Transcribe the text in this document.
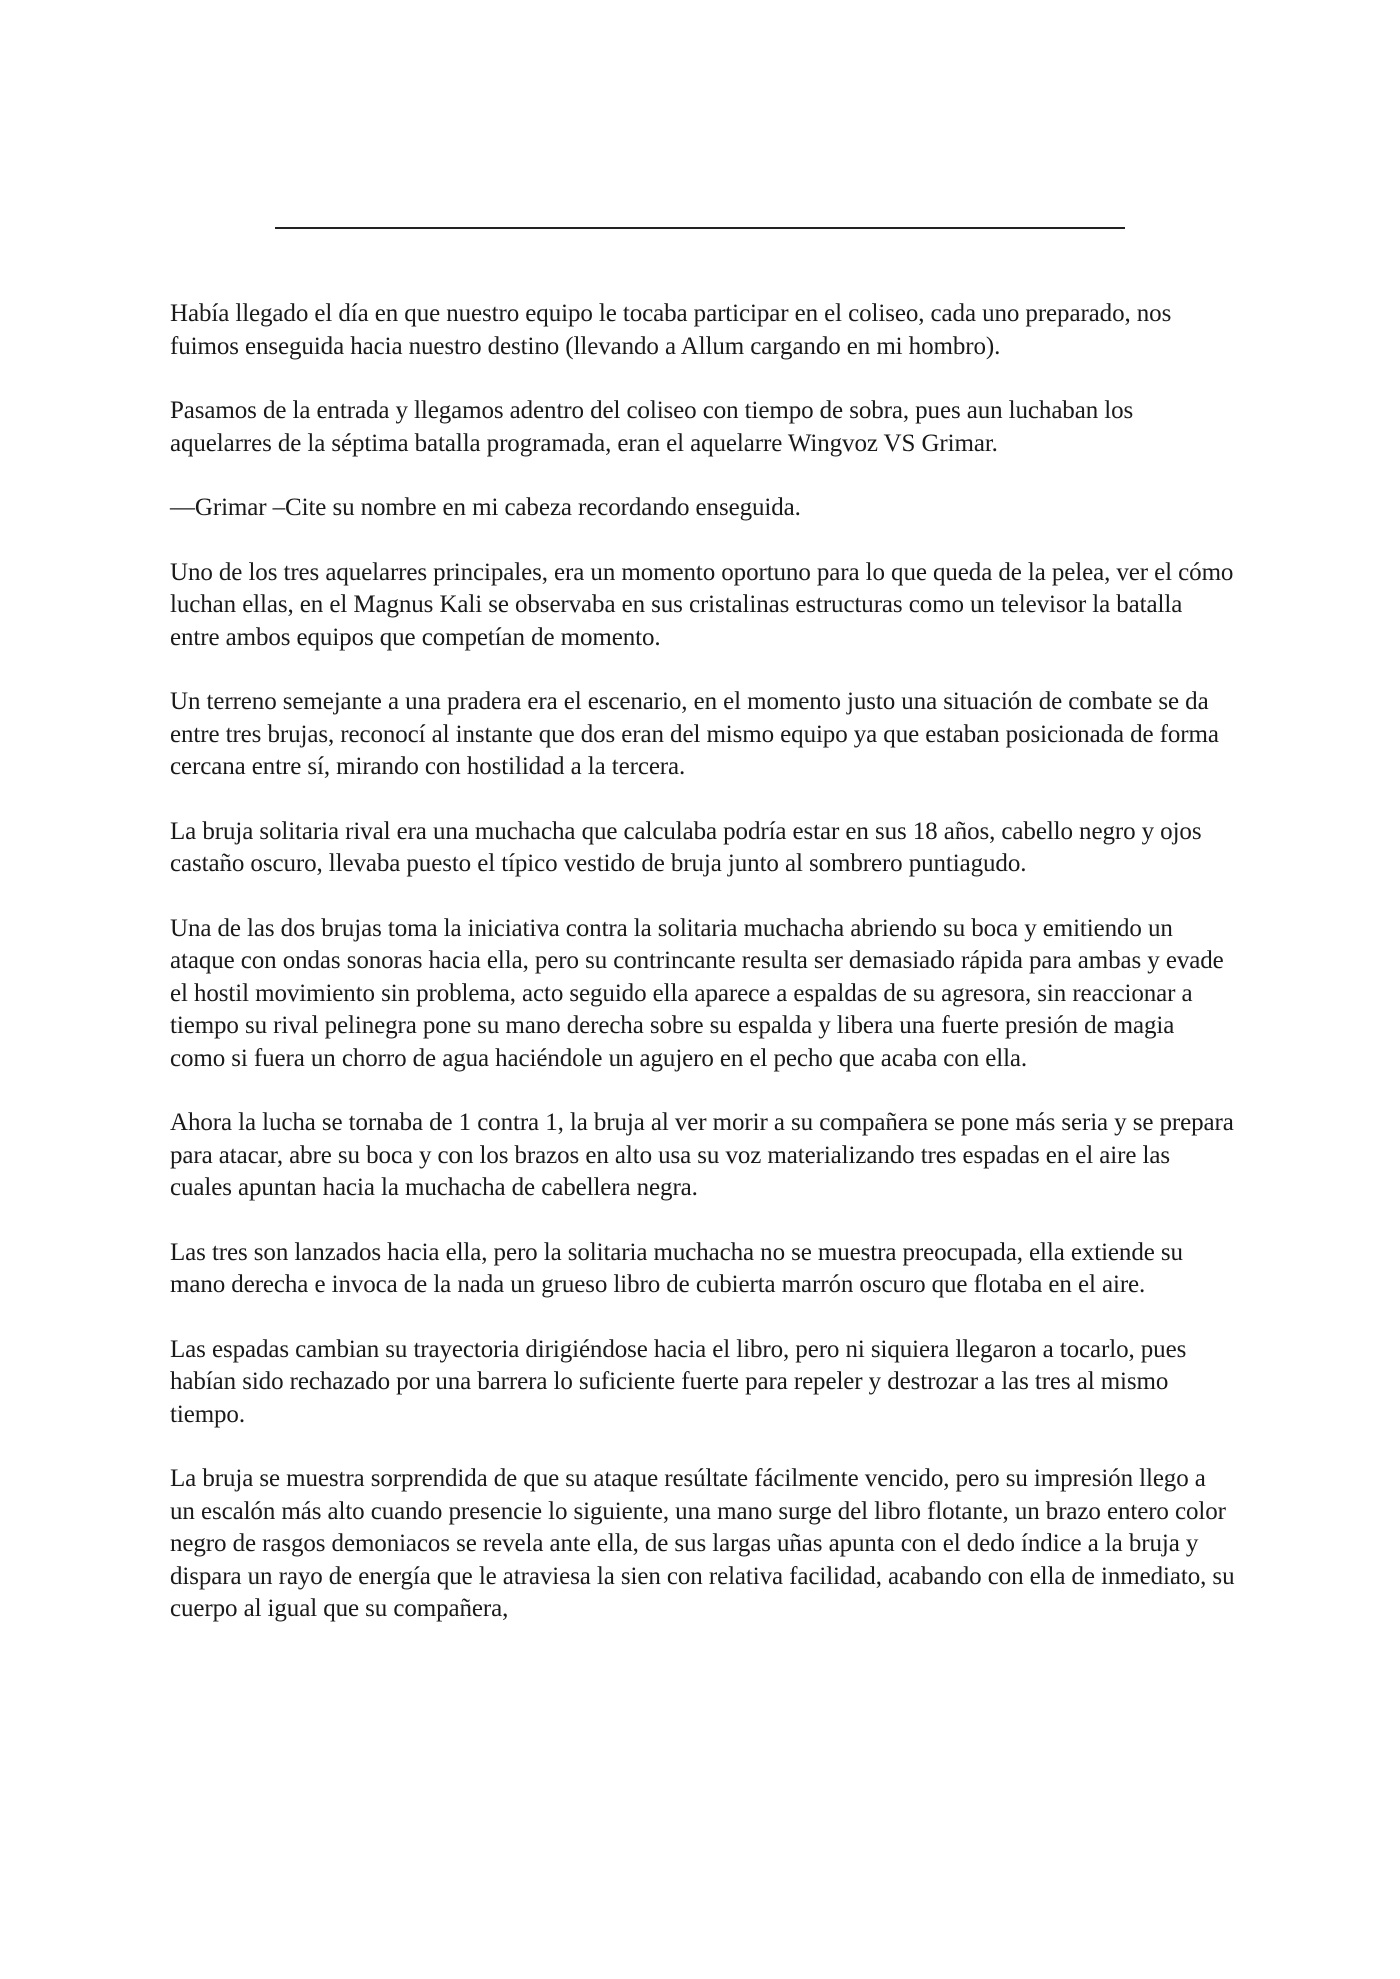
Había llegado el día en que nuestro equipo le tocaba participar en el coliseo, cada uno preparado, nos fuimos enseguida hacia nuestro destino (llevando a Allum cargando en mi hombro).

Pasamos de la entrada y llegamos adentro del coliseo con tiempo de sobra, pues aun luchaban los aquelarres de la séptima batalla programada, eran el aquelarre Wingvoz VS Grimar.

—Grimar –Cite su nombre en mi cabeza recordando enseguida.

Uno de los tres aquelarres principales, era un momento oportuno para lo que queda de la pelea, ver el cómo luchan ellas, en el Magnus Kali se observaba en sus cristalinas estructuras como un televisor la batalla entre ambos equipos que competían de momento.

Un terreno semejante a una pradera era el escenario, en el momento justo una situación de combate se da entre tres brujas, reconocí al instante que dos eran del mismo equipo ya que estaban posicionada de forma cercana entre sí, mirando con hostilidad a la tercera.

La bruja solitaria rival era una muchacha que calculaba podría estar en sus 18 años, cabello negro y ojos castaño oscuro, llevaba puesto el típico vestido de bruja junto al sombrero puntiagudo.

Una de las dos brujas toma la iniciativa contra la solitaria muchacha abriendo su boca y emitiendo un ataque con ondas sonoras hacia ella, pero su contrincante resulta ser demasiado rápida para ambas y evade el hostil movimiento sin problema, acto seguido ella aparece a espaldas de su agresora, sin reaccionar a tiempo su rival pelinegra pone su mano derecha sobre su espalda y libera una fuerte presión de magia como si fuera un chorro de agua haciéndole un agujero en el pecho que acaba con ella.

Ahora la lucha se tornaba de 1 contra 1, la bruja al ver morir a su compañera se pone más seria y se prepara para atacar, abre su boca y con los brazos en alto usa su voz materializando tres espadas en el aire las cuales apuntan hacia la muchacha de cabellera negra.

Las tres son lanzados hacia ella, pero la solitaria muchacha no se muestra preocupada, ella extiende su mano derecha e invoca de la nada un grueso libro de cubierta marrón oscuro que flotaba en el aire.

Las espadas cambian su trayectoria dirigiéndose hacia el libro, pero ni siquiera llegaron a tocarlo, pues habían sido rechazado por una barrera lo suficiente fuerte para repeler y destrozar a las tres al mismo tiempo.

La bruja se muestra sorprendida de que su ataque resúltate fácilmente vencido, pero su impresión llego a un escalón más alto cuando presencie lo siguiente, una mano surge del libro flotante, un brazo entero color negro de rasgos demoniacos se revela ante ella, de sus largas uñas apunta con el dedo índice a la bruja y dispara un rayo de energía que le atraviesa la sien con relativa facilidad, acabando con ella de inmediato, su cuerpo al igual que su compañera,
